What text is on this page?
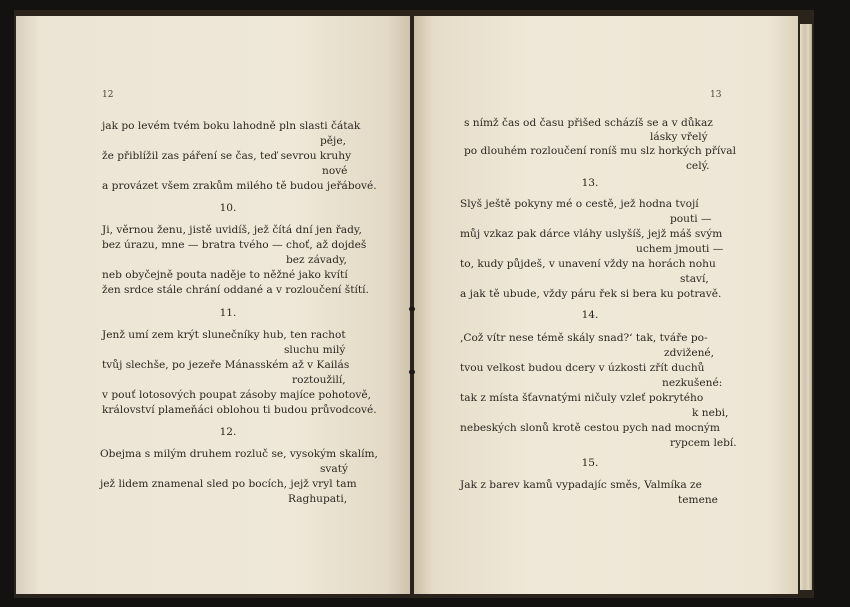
12
jak po levém tvém boku lahodně pln slasti čátak
pěje,
že přiblížil zas páření se čas, teď sevrou kruhy
nové
a provázet všem zrakům milého tě budou jeřábové.
10.
Ji, věrnou ženu, jistě uvidíš, jež čítá dní jen řady,
bez úrazu, mne — bratra tvého — choť, až dojdeš
bez závady,
neb obyčejně pouta naděje to něžné jako kvítí
žen srdce stále chrání oddané a v rozloučení štítí.
11.
Jenž umí zem krýt slunečníky hub, ten rachot
sluchu milý
tvůj slechše, po jezeře Mánasském až v Kailás
roztoužilí,
v pouť lotosových poupat zásoby majíce pohotově,
království plameňáci oblohou ti budou průvodcové.
12.
Obejma s milým druhem rozluč se, vysokým skalím,
svatý
jež lidem znamenal sled po bocích, jejž vryl tam
Raghupati,
13
s nímž čas od času přišed scházíš se a v důkaz
lásky vřelý
po dlouhém rozloučení roníš mu slz horkých příval
celý.
13.
Slyš ještě pokyny mé o cestě, jež hodna tvojí
pouti —
můj vzkaz pak dárce vláhy uslyšíš, jejž máš svým
uchem jmouti —
to, kudy půjdeš, v unavení vždy na horách nohu
staví,
a jak tě ubude, vždy páru řek si bera ku potravě.
14.
‚Což vítr nese témě skály snad?‘ tak, tváře po-
zdvižené,
tvou velkost budou dcery v úzkosti zřít duchů
nezkušené:
tak z místa šťavnatými ničuly vzleť pokrytého
k nebi,
nebeských slonů krotě cestou pych nad mocným
rypcem lebí.
15.
Jak z barev kamů vypadajíc směs, Valmíka ze
temene
